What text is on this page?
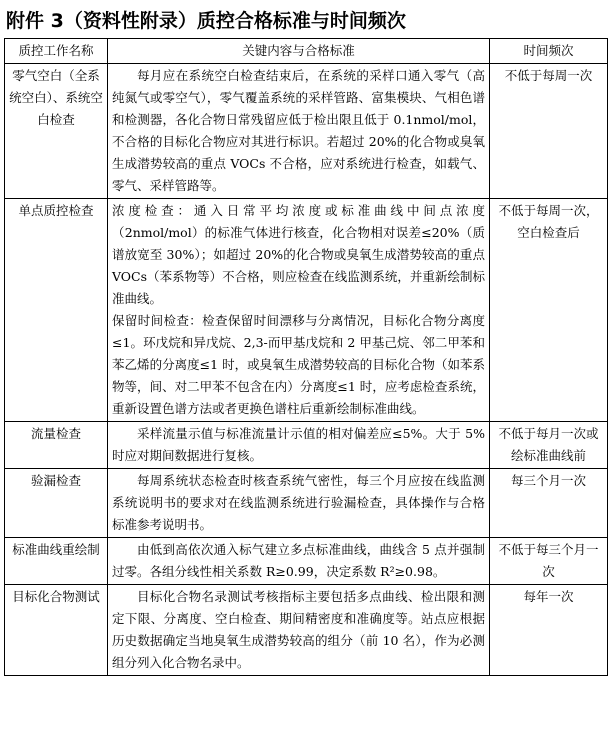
附件 3（资料性附录）质控合格标准与时间频次
质控工作名称	关键内容与合格标准	时间频次
零气空白（全系统空白）、系统空白检查	每月应在系统空白检查结束后，在系统的采样口通入零气（高纯氮气或零空气），零气覆盖系统的采样管路、富集模块、气相色谱和检测器，各化合物日常残留应低于检出限且低于 0.1nmol/mol，不合格的目标化合物应对其进行标识。若超过 20%的化合物或臭氧生成潜势较高的重点 VOCs 不合格，应对系统进行检查，如载气、零气、采样管路等。	不低于每周一次
单点质控检查	浓度检查：通入日常平均浓度或标准曲线中间点浓度（2nmol/mol）的标准气体进行核查，化合物相对误差≤20%（质谱放宽至 30%）；如超过 20%的化合物或臭氧生成潜势较高的重点 VOCs（苯系物等）不合格，则应检查在线监测系统，并重新绘制标准曲线。

保留时间检查：检查保留时间漂移与分离情况，目标化合物分离度≤1。环戊烷和异戊烷、2,3-而甲基戊烷和 2 甲基己烷、邻二甲苯和苯乙烯的分离度≤1 时，或臭氧生成潜势较高的目标化合物（如苯系物等，间、对二甲苯不包含在内）分离度≤1 时，应考虑检查系统，重新设置色谱方法或者更换色谱柱后重新绘制标准曲线。	不低于每周一次，空白检查后
流量检查	采样流量示值与标准流量计示值的相对偏差应≤5%。大于 5%时应对期间数据进行复核。	不低于每月一次或绘标准曲线前
验漏检查	每周系统状态检查时核查系统气密性，每三个月应按在线监测系统说明书的要求对在线监测系统进行验漏检查，具体操作与合格标准参考说明书。	每三个月一次
标准曲线重绘制	由低到高依次通入标气建立多点标准曲线，曲线含 5 点并强制过零。各组分线性相关系数 R≥0.99，决定系数 R²≥0.98。	不低于每三个月一次
目标化合物测试	目标化合物名录测试考核指标主要包括多点曲线、检出限和测定下限、分离度、空白检查、期间精密度和准确度等。站点应根据历史数据确定当地臭氧生成潜势较高的组分（前 10 名），作为必测组分列入化合物名录中。	每年一次
